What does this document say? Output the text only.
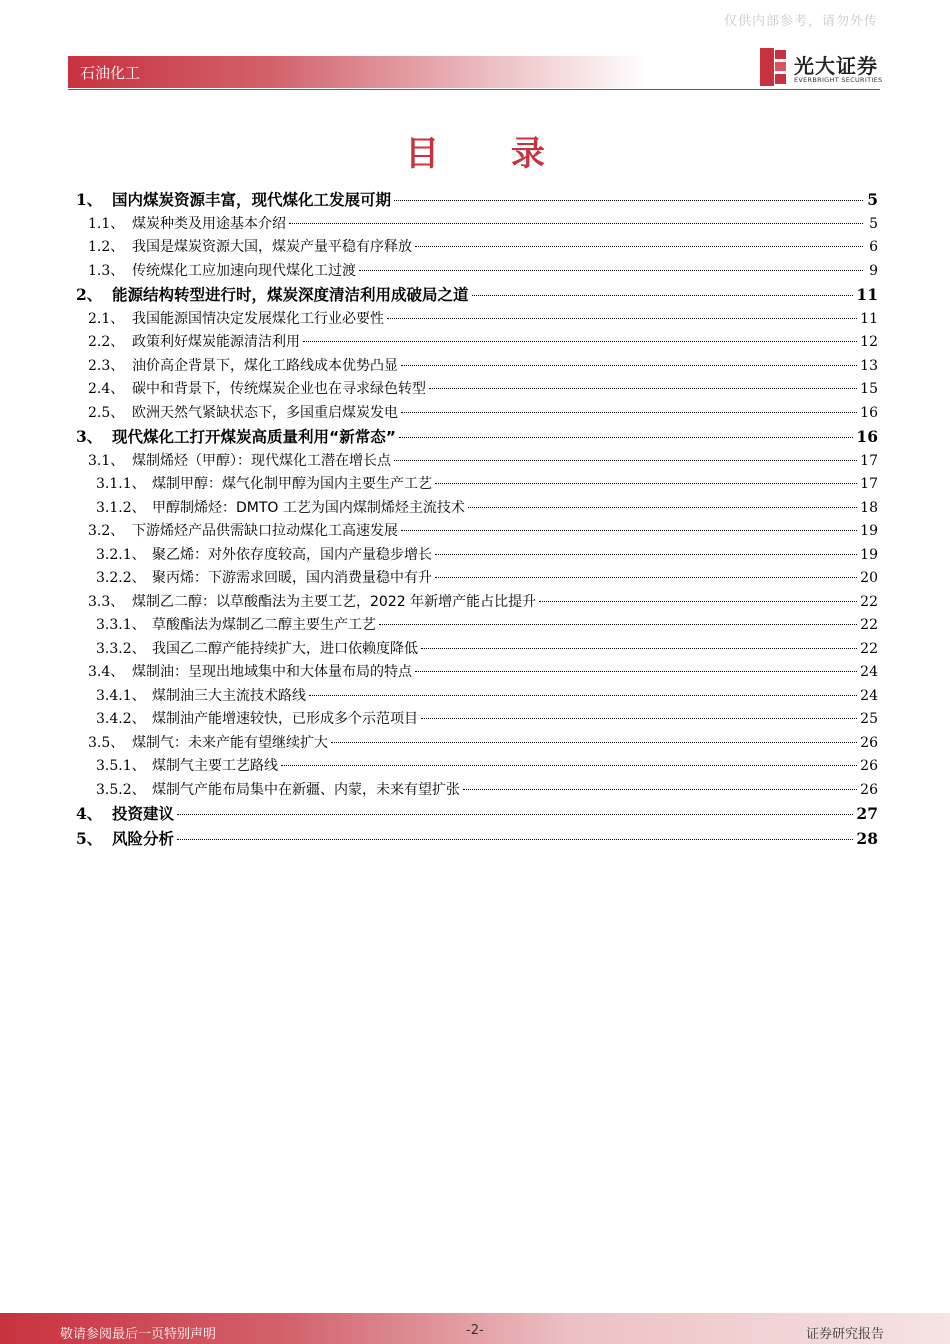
仅供内部参考，请勿外传
石油化工	光大证券
EVERBRIGHT SECURITIES
目 录
1、 国内煤炭资源丰富，现代煤化工发展可期	5
1.1、 煤炭种类及用途基本介绍	5
1.2、 我国是煤炭资源大国，煤炭产量平稳有序释放	6
1.3、 传统煤化工应加速向现代煤化工过渡	9
2、 能源结构转型进行时，煤炭深度清洁利用成破局之道	11
2.1、 我国能源国情决定发展煤化工行业必要性	11
2.2、 政策利好煤炭能源清洁利用	12
2.3、 油价高企背景下，煤化工路线成本优势凸显	13
2.4、 碳中和背景下，传统煤炭企业也在寻求绿色转型	15
2.5、 欧洲天然气紧缺状态下，多国重启煤炭发电	16
3、 现代煤化工打开煤炭高质量利用“新常态”	16
3.1、 煤制烯烃（甲醇）：现代煤化工潜在增长点	17
3.1.1、 煤制甲醇：煤气化制甲醇为国内主要生产工艺	17
3.1.2、 甲醇制烯烃：DMTO 工艺为国内煤制烯烃主流技术	18
3.2、 下游烯烃产品供需缺口拉动煤化工高速发展	19
3.2.1、 聚乙烯：对外依存度较高，国内产量稳步增长	19
3.2.2、 聚丙烯：下游需求回暖，国内消费量稳中有升	20
3.3、 煤制乙二醇：以草酸酯法为主要工艺，2022 年新增产能占比提升	22
3.3.1、 草酸酯法为煤制乙二醇主要生产工艺	22
3.3.2、 我国乙二醇产能持续扩大，进口依赖度降低	22
3.4、 煤制油：呈现出地域集中和大体量布局的特点	24
3.4.1、 煤制油三大主流技术路线	24
3.4.2、 煤制油产能增速较快，已形成多个示范项目	25
3.5、 煤制气：未来产能有望继续扩大	26
3.5.1、 煤制气主要工艺路线	26
3.5.2、 煤制气产能布局集中在新疆、内蒙，未来有望扩张	26
4、 投资建议	27
5、 风险分析	28
敬请参阅最后一页特别声明	-2-	证券研究报告
